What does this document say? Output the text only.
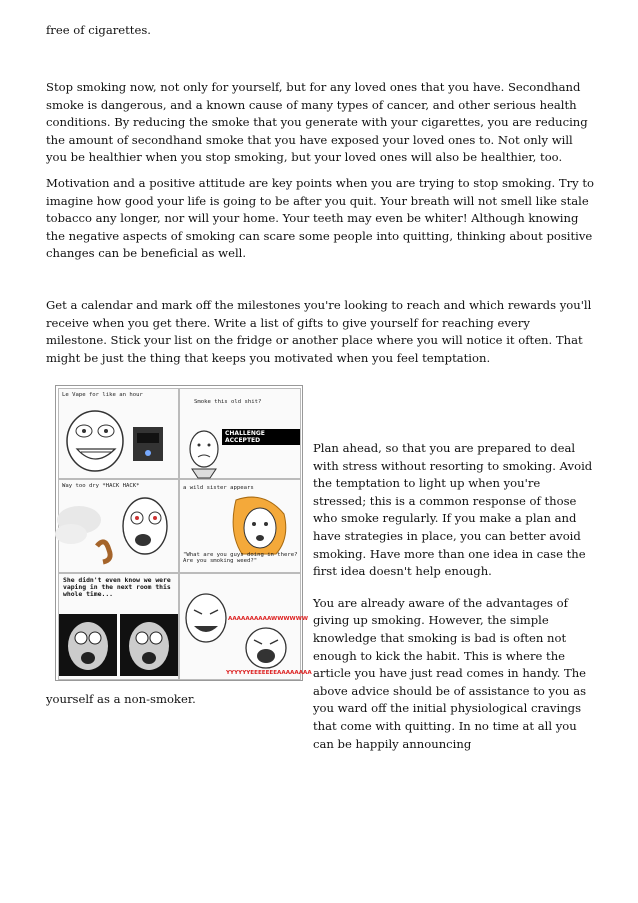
free of cigarettes.

Stop smoking now, not only for yourself, but for any loved ones that you have. Secondhand smoke is dangerous, and a known cause of many types of cancer, and other serious health conditions. By reducing the smoke that you generate with your cigarettes, you are reducing the amount of secondhand smoke that you have exposed your loved ones to. Not only will you be healthier when you stop smoking, but your loved ones will also be healthier, too.

Motivation and a positive attitude are key points when you are trying to stop smoking. Try to imagine how good your life is going to be after you quit. Your breath will not smell like stale tobacco any longer, nor will your home. Your teeth may even be whiter! Although knowing the negative aspects of smoking can scare some people into quitting, thinking about positive changes can be beneficial as well.

Get a calendar and mark off the milestones you're looking to reach and which rewards you'll receive when you get there. Write a list of gifts to give yourself for reaching every milestone. Stick your list on the fridge or another place where you will notice it often. That might be just the thing that keeps you motivated when you feel temptation.

Le Vape for like an hour
Smoke this old shit?
CHALLENGE ACCEPTED
Way too dry *HACK HACK*	a wild sister appears
"What are you guys doing in there? Are you smoking weed?"
She didn't even know we were vaping in the next room this whole time...
AAAAAAAAAAWWWWWW
YYYYYYEEEEEEEAAAAAAAA

Plan ahead, so that you are prepared to deal with stress without resorting to smoking. Avoid the temptation to light up when you're stressed; this is a common response of those who smoke regularly. If you make a plan and have strategies in place, you can better avoid smoking. Have more than one idea in case the first idea doesn't help enough.

You are already aware of the advantages of giving up smoking. However, the simple knowledge that smoking is bad is often not enough to kick the habit. This is where the article you have just read comes in handy. The above advice should be of assistance to you as you ward off the initial physiological cravings that come with quitting. In no time at all you can be happily announcing

yourself as a non-smoker.
